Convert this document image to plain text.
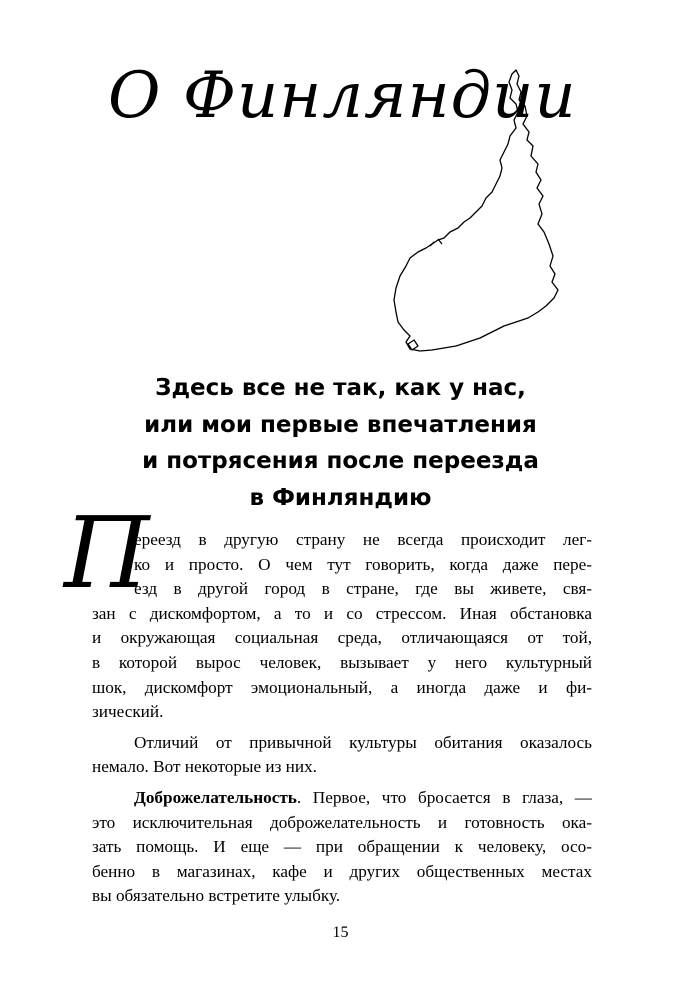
О Финляндии
Здесь все не так, как у нас,
или мои первые впечатления
и потрясения после переезда
в Финляндию
П
ереезд в другую страну не всегда происходит лег-
ко и просто. О чем тут говорить, когда даже пере-
езд в другой город в стране, где вы живете, свя-
зан с дискомфортом, а то и со стрессом. Иная обстановка
и окружающая социальная среда, отличающаяся от той,
в которой вырос человек, вызывает у него культурный
шок, дискомфорт эмоциональный, а иногда даже и фи-
зический.
Отличий от привычной культуры обитания оказалось
немало. Вот некоторые из них.
Доброжелательность. Первое, что бросается в глаза, —
это исключительная доброжелательность и готовность ока-
зать помощь. И еще — при обращении к человеку, осо-
бенно в магазинах, кафе и других общественных местах
вы обязательно встретите улыбку.
15
